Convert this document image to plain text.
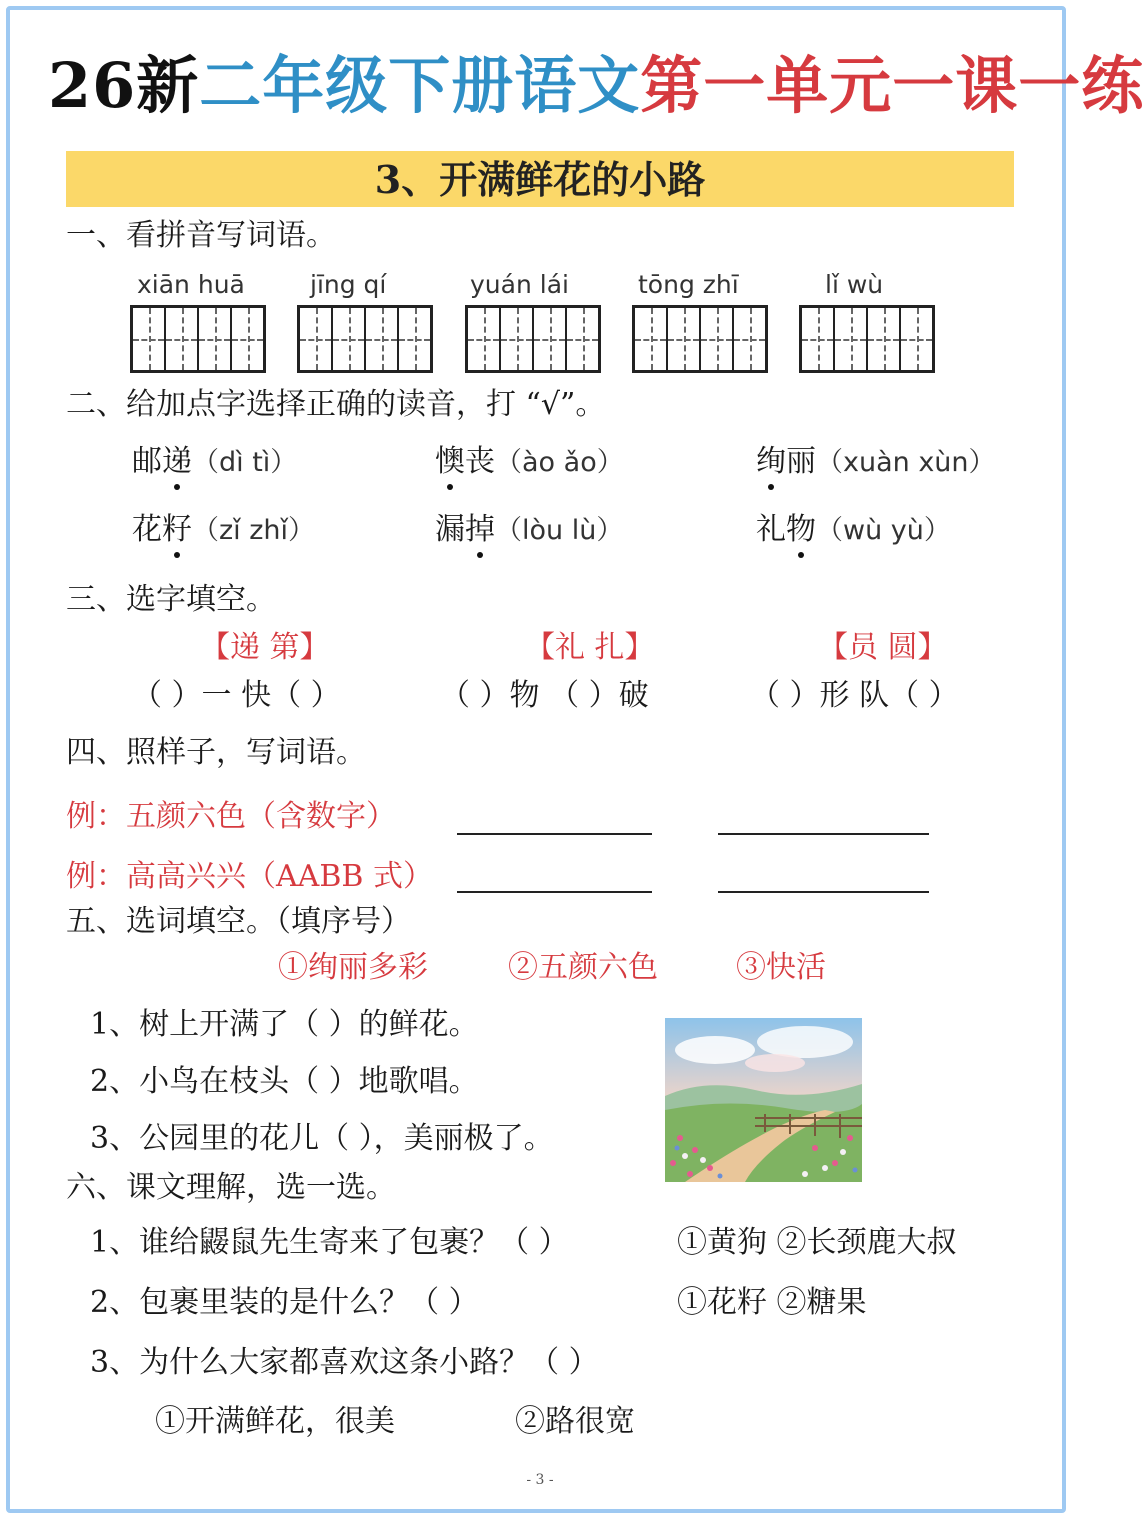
26新二年级下册语文第一单元一课一练
3、开满鲜花的小路
一、看拼音写词语。
xiān huā	jīng qí	yuán lái	tōng zhī	lǐ wù
二、给加点字选择正确的读音，打 “√”。
邮递（dì tì）	懊丧（ào ǎo）	绚丽（xuàn xùn）
花籽（zǐ zhǐ）	漏掉（lòu lù）	礼物（wù yù）
三、选字填空。
【递 第】	【礼 扎】	【员 圆】
（ ）一 快（ ）	（ ）物 （ ）破	（ ）形 队（ ）
四、照样子，写词语。
例：五颜六色（含数字）
例：高高兴兴（AABB 式）
五、选词填空。（填序号）
①绚丽多彩	②五颜六色	③快活
1、树上开满了（ ）的鲜花。
2、小鸟在枝头（ ）地歌唱。
3、公园里的花儿（ ），美丽极了。
六、课文理解，选一选。
1、谁给鼹鼠先生寄来了包裹？（ ）	①黄狗 ②长颈鹿大叔
2、包裹里装的是什么？（ ）	①花籽 ②糖果
3、为什么大家都喜欢这条小路？（ ）
①开满鲜花，很美	②路很宽
- 3 -
